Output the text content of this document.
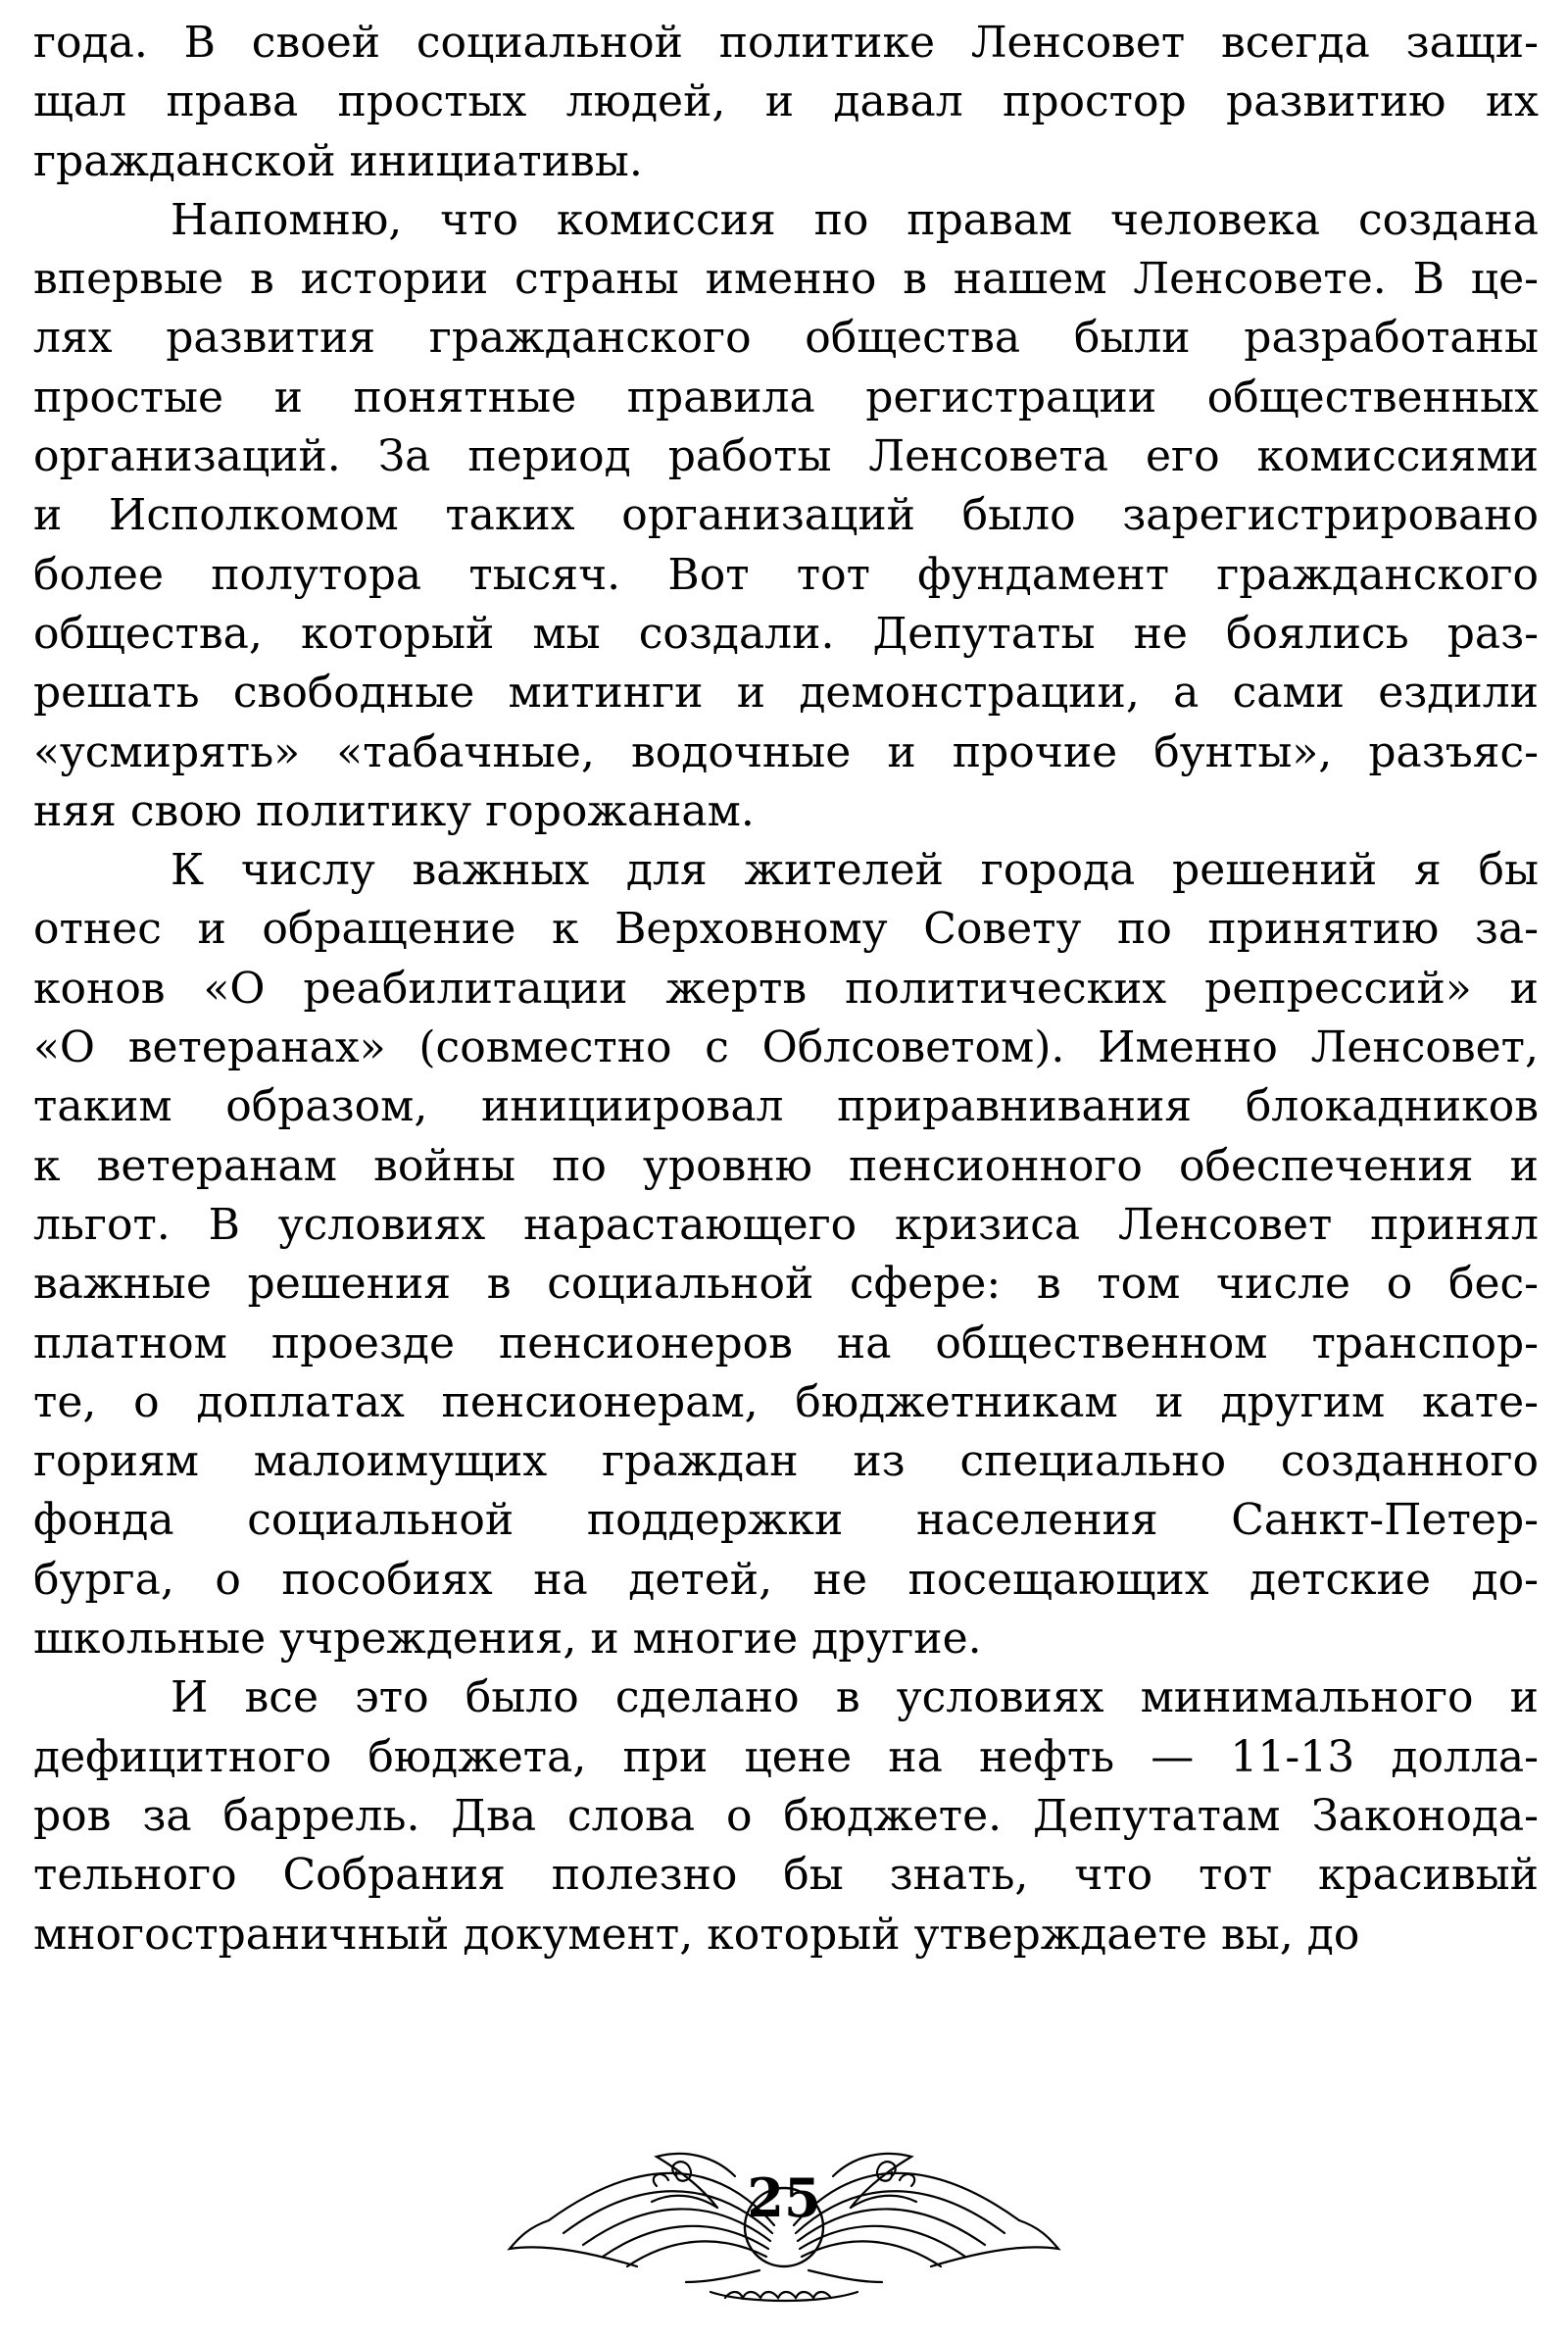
года. В своей социальной политике Ленсовет всегда защи-
щал права простых людей, и давал простор развитию их
гражданской инициативы.

Напомню, что комиссия по правам человека создана
впервые в истории страны именно в нашем Ленсовете. В це-
лях развития гражданского общества были разработаны
простые и понятные правила регистрации общественных
организаций. За период работы Ленсовета его комиссиями
и Исполкомом таких организаций было зарегистрировано
более полутора тысяч. Вот тот фундамент гражданского
общества, который мы создали. Депутаты не боялись раз-
решать свободные митинги и демонстрации, а сами ездили
«усмирять» «табачные, водочные и прочие бунты», разъяс-
няя свою политику горожанам.

К числу важных для жителей города решений я бы
отнес и обращение к Верховному Совету по принятию за-
конов «О реабилитации жертв политических репрессий» и
«О ветеранах» (совместно с Облсоветом). Именно Ленсовет,
таким образом, инициировал приравнивания блокадников
к ветеранам войны по уровню пенсионного обеспечения и
льгот. В условиях нарастающего кризиса Ленсовет принял
важные решения в социальной сфере: в том числе о бес-
платном проезде пенсионеров на общественном транспор-
те, о доплатах пенсионерам, бюджетникам и другим кате-
гориям малоимущих граждан из специально созданного
фонда социальной поддержки населения Санкт-Петер-
бурга, о пособиях на детей, не посещающих детские до-
школьные учреждения, и многие другие.

И все это было сделано в условиях минимального и
дефицитного бюджета, при цене на нефть — 11-13 долла-
ров за баррель. Два слова о бюджете. Депутатам Законода-
тельного Собрания полезно бы знать, что тот красивый
многостраничный документ, который утверждаете вы, до

25
